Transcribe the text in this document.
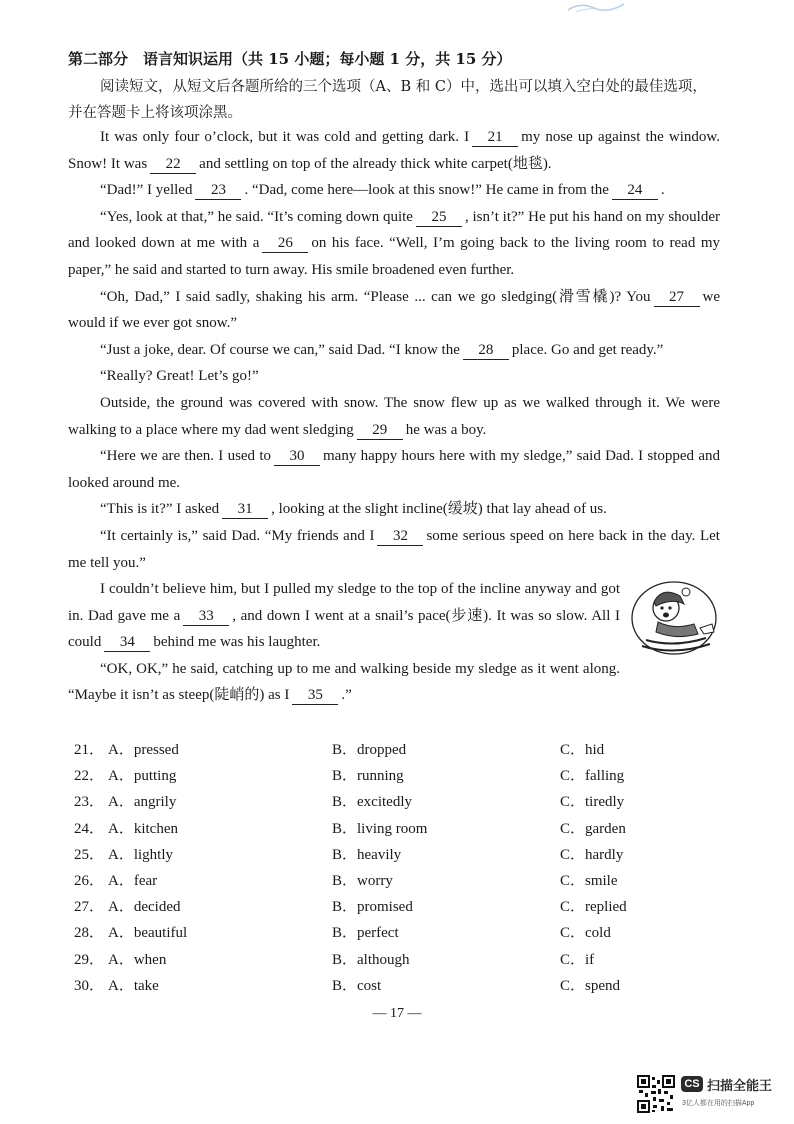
第二部分　语言知识运用（共 15 小题；每小题 1 分，共 15 分）
阅读短文，从短文后各题所给的三个选项（A、B 和 C）中，选出可以填入空白处的最佳选项，并在答题卡上将该项涂黑。

It was only four o’clock, but it was cold and getting dark. I 21 my nose up against the window. Snow! It was 22 and settling on top of the already thick white carpet(地毯).

“Dad!” I yelled 23 . “Dad, come here—look at this snow!” He came in from the 24 .

“Yes, look at that,” he said. “It’s coming down quite 25 , isn’t it?” He put his hand on my shoulder and looked down at me with a 26 on his face. “Well, I’m going back to the living room to read my paper,” he said and started to turn away. His smile broadened even further.

“Oh, Dad,” I said sadly, shaking his arm. “Please ... can we go sledging(滑雪橇)? You 27 we would if we ever got snow.”

“Just a joke, dear. Of course we can,” said Dad. “I know the 28 place. Go and get ready.”

“Really? Great! Let’s go!”

Outside, the ground was covered with snow. The snow flew up as we walked through it. We were walking to a place where my dad went sledging 29 he was a boy.

“Here we are then. I used to 30 many happy hours here with my sledge,” said Dad. I stopped and looked around me.

“This is it?” I asked 31 , looking at the slight incline(缓坡) that lay ahead of us.

“It certainly is,” said Dad. “My friends and I 32 some serious speed on here back in the day. Let me tell you.”

I couldn’t believe him, but I pulled my sledge to the top of the incline anyway and got in. Dad gave me a 33 , and down I went at a snail’s pace(步速). It was so slow. All I could 34 behind me was his laughter.

“OK, OK,” he said, catching up to me and walking beside my sledge as it went along. “Maybe it isn’t as steep(陡峭的) as I 35 .”

21． A．pressed	B．dropped	C．hid
22． A．putting	B．running	C．falling
23． A．angrily	B．excitedly	C．tiredly
24． A．kitchen	B．living room	C．garden
25． A．lightly	B．heavily	C．hardly
26． A．fear	B．worry	C．smile
27． A．decided	B．promised	C．replied
28． A．beautiful	B．perfect	C．cold
29． A．when	B．although	C．if
30． A．take	B．cost	C．spend
— 17 —
CS 扫描全能王
3亿人都在用的扫描App
